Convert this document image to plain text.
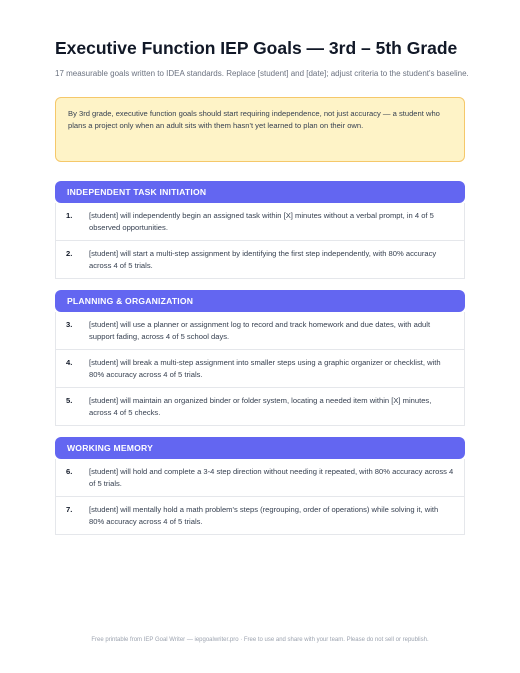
Executive Function IEP Goals — 3rd – 5th Grade
17 measurable goals written to IDEA standards. Replace [student] and [date]; adjust criteria to the student's baseline.
By 3rd grade, executive function goals should start requiring independence, not just accuracy — a student who plans a project only when an adult sits with them hasn't yet learned to plan on their own.
INDEPENDENT TASK INITIATION
1. [student] will independently begin an assigned task within [X] minutes without a verbal prompt, in 4 of 5 observed opportunities.
2. [student] will start a multi-step assignment by identifying the first step independently, with 80% accuracy across 4 of 5 trials.
PLANNING & ORGANIZATION
3. [student] will use a planner or assignment log to record and track homework and due dates, with adult support fading, across 4 of 5 school days.
4. [student] will break a multi-step assignment into smaller steps using a graphic organizer or checklist, with 80% accuracy across 4 of 5 trials.
5. [student] will maintain an organized binder or folder system, locating a needed item within [X] minutes, across 4 of 5 checks.
WORKING MEMORY
6. [student] will hold and complete a 3-4 step direction without needing it repeated, with 80% accuracy across 4 of 5 trials.
7. [student] will mentally hold a math problem's steps (regrouping, order of operations) while solving it, with 80% accuracy across 4 of 5 trials.
Free printable from IEP Goal Writer — iepgoalwriter.pro · Free to use and share with your team. Please do not sell or republish.
